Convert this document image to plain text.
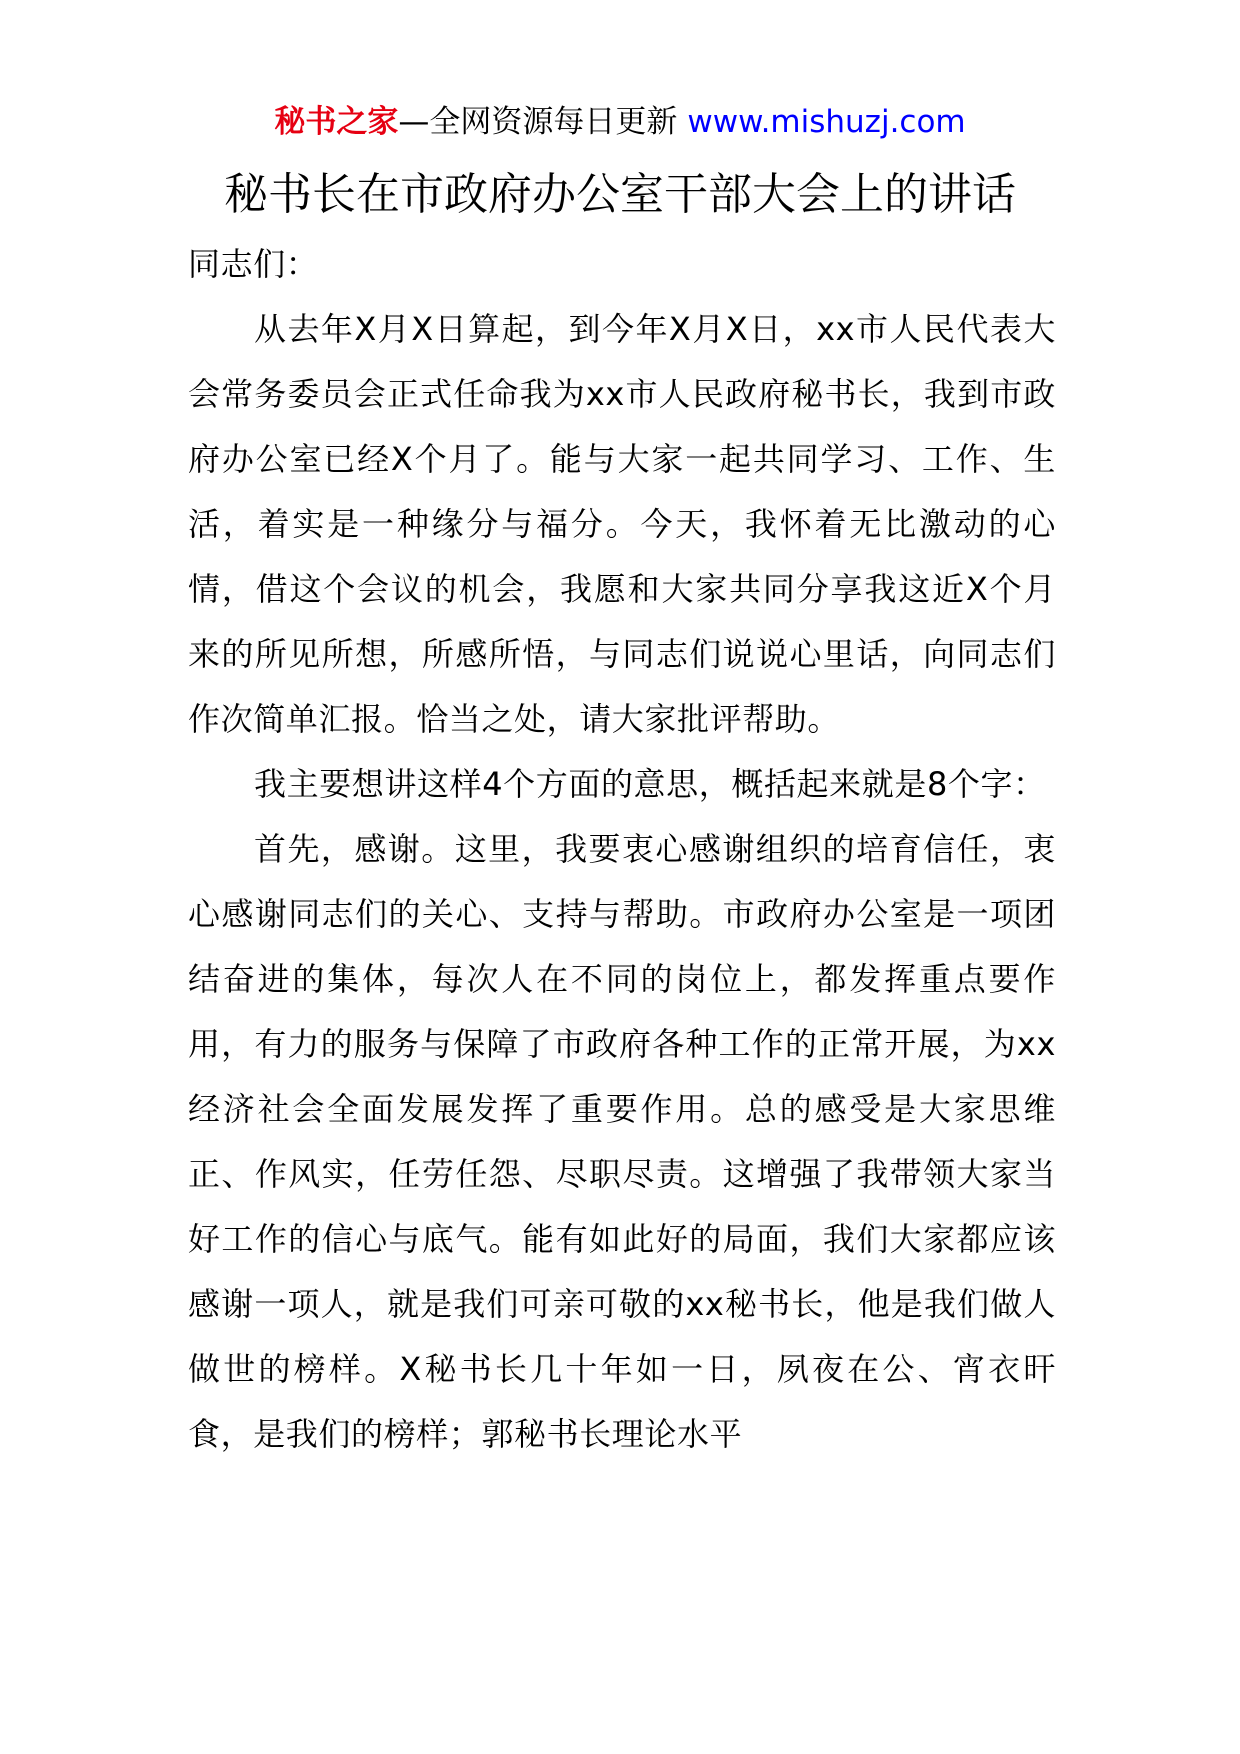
秘书之家—全网资源每日更新 www.mishuzj.com
秘书长在市政府办公室干部大会上的讲话

同志们：

从去年X月X日算起，到今年X月X日，xx市人民代表大会常务委员会正式任命我为xx市人民政府秘书长，我到市政府办公室已经X个月了。能与大家一起共同学习、工作、生活，着实是一种缘分与福分。今天，我怀着无比激动的心情，借这个会议的机会，我愿和大家共同分享我这近X个月来的所见所想，所感所悟，与同志们说说心里话，向同志们作次简单汇报。恰当之处，请大家批评帮助。

我主要想讲这样4个方面的意思，概括起来就是8个字：

首先，感谢。这里，我要衷心感谢组织的培育信任，衷心感谢同志们的关心、支持与帮助。市政府办公室是一项团结奋进的集体，每次人在不同的岗位上，都发挥重点要作用，有力的服务与保障了市政府各种工作的正常开展，为xx经济社会全面发展发挥了重要作用。总的感受是大家思维正、作风实，任劳任怨、尽职尽责。这增强了我带领大家当好工作的信心与底气。能有如此好的局面，我们大家都应该感谢一项人，就是我们可亲可敬的xx秘书长，他是我们做人做世的榜样。X秘书长几十年如一日，夙夜在公、宵衣旰食，是我们的榜样；郭秘书长理论水平
